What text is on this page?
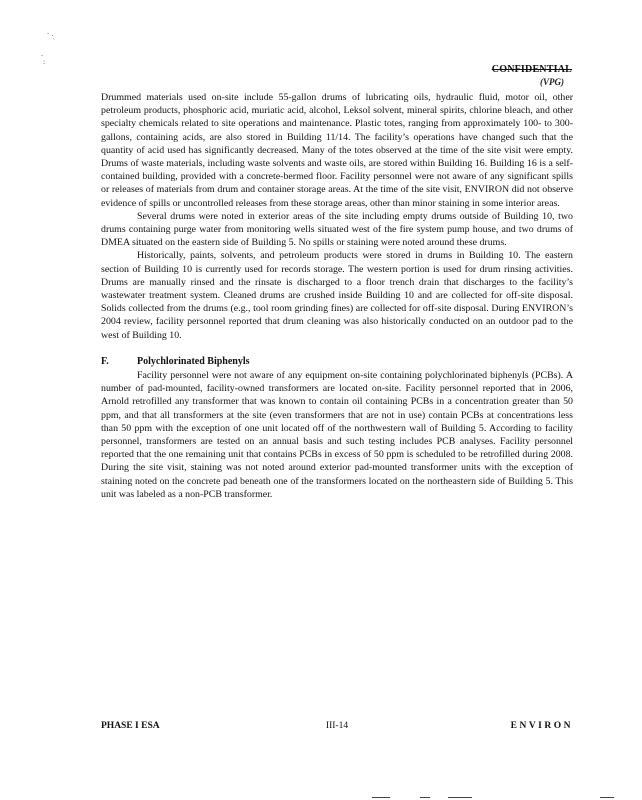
·.
`
.
:
CONFIDENTIAL
(VPG)

Drummed materials used on-site include 55-gallon drums of lubricating oils, hydraulic fluid, motor oil, other petroleum products, phosphoric acid, muriatic acid, alcohol, Leksol solvent, mineral spirits, chlorine bleach, and other specialty chemicals related to site operations and maintenance. Plastic totes, ranging from approximately 100- to 300-gallons, containing acids, are also stored in Building 11/14. The facility’s operations have changed such that the quantity of acid used has significantly decreased. Many of the totes observed at the time of the site visit were empty. Drums of waste materials, including waste solvents and waste oils, are stored within Building 16. Building 16 is a self-contained building, provided with a concrete-bermed floor. Facility personnel were not aware of any significant spills or releases of materials from drum and container storage areas. At the time of the site visit, ENVIRON did not observe evidence of spills or uncontrolled releases from these storage areas, other than minor staining in some interior areas.

Several drums were noted in exterior areas of the site including empty drums outside of Building 10, two drums containing purge water from monitoring wells situated west of the fire system pump house, and two drums of DMEA situated on the eastern side of Building 5. No spills or staining were noted around these drums.

Historically, paints, solvents, and petroleum products were stored in drums in Building 10. The eastern section of Building 10 is currently used for records storage. The western portion is used for drum rinsing activities. Drums are manually rinsed and the rinsate is discharged to a floor trench drain that discharges to the facility’s wastewater treatment system. Cleaned drums are crushed inside Building 10 and are collected for off-site disposal. Solids collected from the drums (e.g., tool room grinding fines) are collected for off-site disposal. During ENVIRON’s 2004 review, facility personnel reported that drum cleaning was also historically conducted on an outdoor pad to the west of Building 10.

F.	Polychlorinated Biphenyls

Facility personnel were not aware of any equipment on-site containing polychlorinated biphenyls (PCBs). A number of pad-mounted, facility-owned transformers are located on-site. Facility personnel reported that in 2006, Arnold retrofilled any transformer that was known to contain oil containing PCBs in a concentration greater than 50 ppm, and that all transformers at the site (even transformers that are not in use) contain PCBs at concentrations less than 50 ppm with the exception of one unit located off of the northwestern wall of Building 5. According to facility personnel, transformers are tested on an annual basis and such testing includes PCB analyses. Facility personnel reported that the one remaining unit that contains PCBs in excess of 50 ppm is scheduled to be retrofilled during 2008. During the site visit, staining was not noted around exterior pad-mounted transformer units with the exception of staining noted on the concrete pad beneath one of the transformers located on the northeastern side of Building 5. This unit was labeled as a non-PCB transformer.

PHASE I ESA	III-14	ENVIRON
